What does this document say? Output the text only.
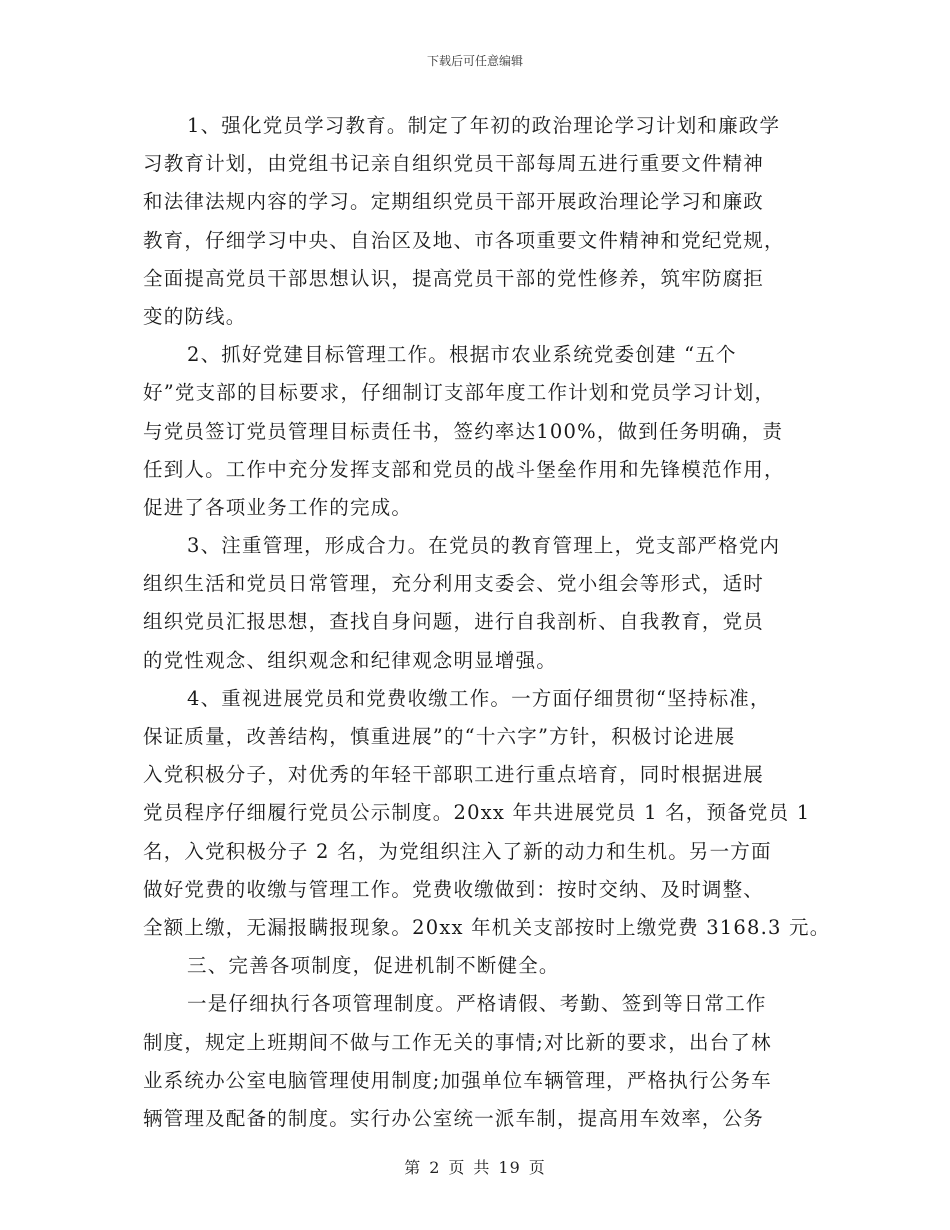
下载后可任意编辑
1、强化党员学习教育。制定了年初的政治理论学习计划和廉政学
习教育计划，由党组书记亲自组织党员干部每周五进行重要文件精神
和法律法规内容的学习。定期组织党员干部开展政治理论学习和廉政
教育，仔细学习中央、自治区及地、市各项重要文件精神和党纪党规，
全面提高党员干部思想认识，提高党员干部的党性修养，筑牢防腐拒
变的防线。
2、抓好党建目标管理工作。根据市农业系统党委创建 “五个
好”党支部的目标要求，仔细制订支部年度工作计划和党员学习计划，
与党员签订党员管理目标责任书，签约率达100%，做到任务明确，责
任到人。工作中充分发挥支部和党员的战斗堡垒作用和先锋模范作用，
促进了各项业务工作的完成。
3、注重管理，形成合力。在党员的教育管理上，党支部严格党内
组织生活和党员日常管理，充分利用支委会、党小组会等形式，适时
组织党员汇报思想，查找自身问题，进行自我剖析、自我教育，党员
的党性观念、组织观念和纪律观念明显增强。
4、重视进展党员和党费收缴工作。一方面仔细贯彻“坚持标准，
保证质量，改善结构，慎重进展”的“十六字”方针，积极讨论进展
入党积极分子，对优秀的年轻干部职工进行重点培育，同时根据进展
党员程序仔细履行党员公示制度。20xx 年共进展党员 1 名，预备党员 1
名，入党积极分子 2 名，为党组织注入了新的动力和生机。另一方面
做好党费的收缴与管理工作。党费收缴做到：按时交纳、及时调整、
全额上缴，无漏报瞒报现象。20xx 年机关支部按时上缴党费 3168.3 元。
三、完善各项制度，促进机制不断健全。
一是仔细执行各项管理制度。严格请假、考勤、签到等日常工作
制度，规定上班期间不做与工作无关的事情;对比新的要求，出台了林
业系统办公室电脑管理使用制度;加强单位车辆管理，严格执行公务车
辆管理及配备的制度。实行办公室统一派车制，提高用车效率，公务
第 2 页 共 19 页
